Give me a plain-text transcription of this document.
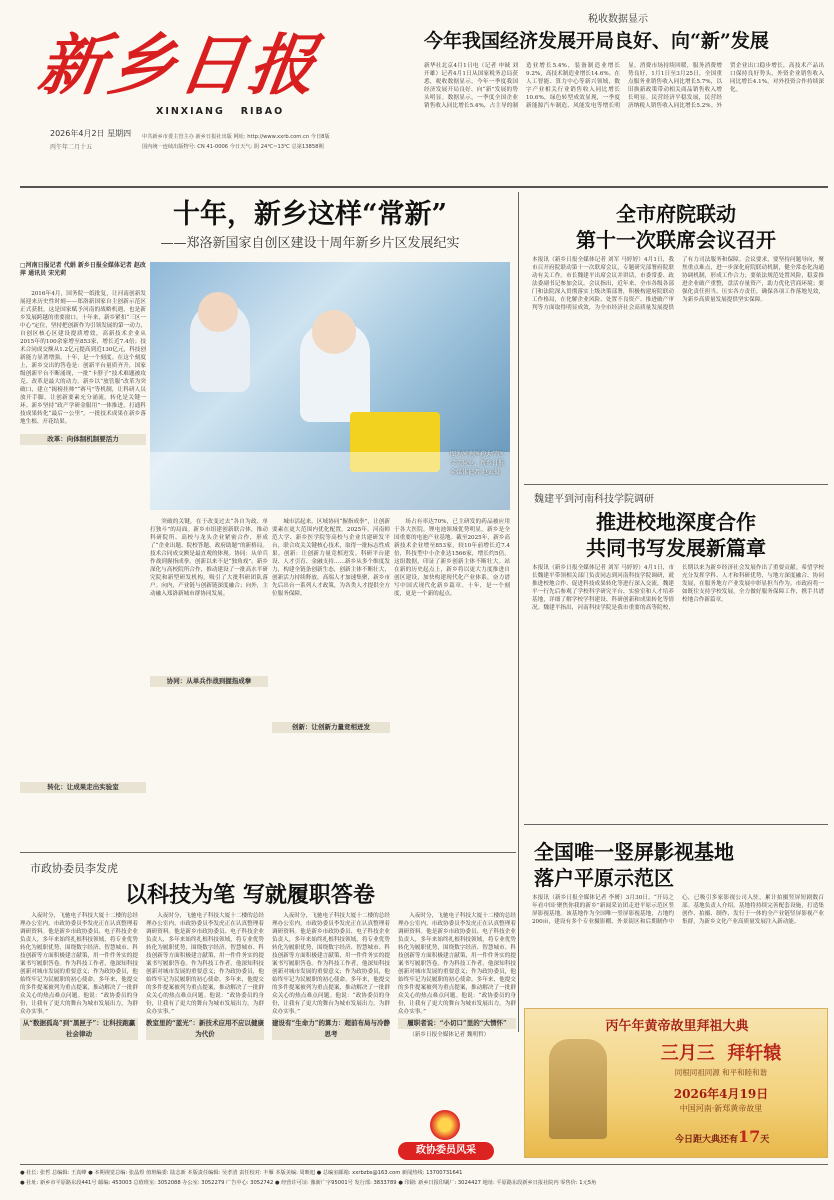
新乡日报
XINXIANG   RIBAO
2026年4月2日 星期四
丙午年二月十五
中共新乡市委主管主办 新乡日报社出版 网址: http://www.xxrb.com.cn 今日8版
国内统一连续出版物号: CN 41-0006 今日天气: 阴 24℃~13℃ 总第13858期
税收数据显示
今年我国经济发展开局良好、向“新”发展
新华社北京4月1日电（记者 申铖 刘开雄）记者4月1日从国家税务总局获悉，税收数据显示，今年一季度我国经济发展开局良好、向“新”发展的势头明显。数据显示，一季度全国企业销售收入同比增长5.4%，占主导的制造业增长5.4%，装备制造业增长9.2%，高技术制造业增长14.6%。在人工智能、算力中心等新兴领域，数字产业相关行业销售收入同比增长10.6%，绿色转型成效显现，一季度新能源汽车制造、风能发电等增长明显。消费市场持续回暖，服务消费增势良好，1月1日至3月25日，全国重点服务业销售收入同比增长5.7%，以旧换新政策带动相关商品销售收入增长明显。民营经济平稳发展，民营经济纳税人销售收入同比增长5.2%。外贸企业出口稳步增长，高技术产品出口保持良好势头，外资企业销售收入同比增长4.1%，对外投资合作持续深化。
十年，新乡这样“常新”
——郑洛新国家自创区建设十周年新乡片区发展纪实
□河南日报记者 代娟 新乡日报全媒体记者 赵改萍 通讯员 宋光莉

2016年4月，国务院一纸批复，让河南创新发展迎来历史性时刻——郑洛新国家自主创新示范区正式获批。这是国家赋予河南的战略机遇，也是新乡发展跨越的重要窗口。十年来，新乡紧扣“三区一中心”定位，坚持把创新作为引领发展的第一动力，自创区核心区建设提质增效，高新技术企业从2015年的100余家增至853家，增长近7.4倍；技术合同成交额从1.2亿元提高到近130亿元，科技创新能力显著增强。十年，是一个刻度。在这个刻度上，新乡交出的答卷是：创新平台量质齐升，国家级创新平台不断涌现，一批“卡脖子”技术难题被攻克。改革是最大的动力。新乡以“放管服”改革为突破口，建立“揭榜挂帅”“赛马”等机制，让科研人员放开手脚，让创新要素充分涌流。转化是关键一环。新乡坚持“政产学研金服用”一体推进，打通科技成果转化“最后一公里”，一批技术成果在新乡落地生根、开花结果。

改革：向体制机制要活力
转化：让成果走出实验室
图为河南医药大学医学实验室。新乡日报全媒体记者 赵云摄

突破的关键，在于改变过去“各自为政、单打独斗”的局面。新乡市组建创新联合体，推动科研院所、高校与龙头企业紧密合作，形成了“企业出题、院校答题、政府助题”的新格局。技术合同成交额是最直观的体现。协同：从单兵作战到握指成拳。创新以来不是“独角戏”。新乡深化与高校院所合作，推动建设了一批高水平研究院和新型研发机构，吸引了大批科研团队落户。向内，产业链与创新链深度融合；向外，主动融入郑洛新城市群协同发展。

协同：从单兵作战到握指成拳

城市活起来。区域协同“握指成拳”，让创新要素在更大范围内优化配置。2025年，河南师范大学、新乡医学院等高校与企业共建研发平台，联合攻关关键核心技术，取得一批标志性成果。创新：让创新力量竞相迸发。科研平台建设、人才引育、金融支持……新乡从多个维度发力，构建全链条创新生态，创新主体不断壮大，创新活力持续释放。高端人才加速集聚，新乡市先后出台一系列人才政策，为各类人才提供全方位服务保障。

创新：让创新力量竞相迸发

场占有率达70%，已主研发的药品被应用于各大医院。锂电池领域优势明显，新乡是全国重要的电池产业基地。截至2025年，新乡高新技术企业增至853家，较10年前增长近7.4倍，科技型中小企业达1566家，增长约5倍。这组数据，印证了新乡创新主体不断壮大。站在新的历史起点上，新乡将以更大力度推进自创区建设，加快构建现代化产业体系，奋力谱写中国式现代化新乡篇章。十年，是一个刻度，更是一个新的起点。

全市府院联动
第十一次联席会议召开
本报讯（新乡日报全媒体记者 刘军 马婷婷）4月1日，我市召开府院联动第十一次联席会议，专题研究部署府院联动有关工作。市长魏建平出席会议并讲话，市委常委、政法委副书记参加会议。会议指出，近年来，全市各级各部门和法院深入贯彻落实上级决策部署，积极构建府院联动工作格局，在化解企业风险、处置不良资产、推进破产审判等方面取得明显成效，为全市经济社会高质量发展提供了有力司法服务和保障。会议要求，要坚持问题导向，聚焦重点难点，进一步深化府院联动机制，健全常态化沟通协调机制，形成工作合力；要依法规范处置风险，稳妥推进企业破产重整，盘活存量资产，助力优化营商环境；要强化责任担当，压实各方责任，确保各项工作落地见效，为新乡高质量发展提供坚实保障。
魏建平到河南科技学院调研
推进校地深度合作
共同书写发展新篇章
本报讯（新乡日报全媒体记者 刘军 马婷婷）4月1日，市长魏建平带领相关部门负责同志到河南科技学院调研，就推进校地合作、促进科技成果转化等进行深入交流。魏建平一行先后参观了学校科学研究平台、实验室和人才培养基地，详细了解学校学科建设、科研创新和成果转化等情况。魏建平指出，河南科技学院是我市重要的高等院校，长期以来为新乡经济社会发展作出了重要贡献。希望学校充分发挥学科、人才和科研优势，与地方深度融合、协同发展，在服务地方产业发展中彰显担当作为。市政府将一如既往支持学校发展，全力做好服务保障工作，携手共谱校地合作新篇章。
全国唯一竖屏影视基地
落户平原示范区
本报讯（新乡日报全媒体记者 李赟）3月30日，“开局之年看中国·聚焦你我的新乡”新闻采访团走进平原示范区竖屏影视基地。该基地作为全国唯一竖屏影视基地，占地约200亩，建设有多个专业摄影棚、外景街区和后期制作中心，已吸引多家影视公司入驻，累计拍摄竖屏短剧数百部。基地负责人介绍，基地将持续完善配套设施，打造集创作、拍摄、制作、发行于一体的全产业链竖屏影视产业集群，为新乡文化产业高质量发展注入新动能。
市政协委员李发虎
以科技为笔 写就履职答卷

入夜时分，飞驰电子科技大厦十二楼的总经理办公室内，市政协委员李发虎正在认真整理着调研资料。他是新乡市政协委员、电子科技企业负责人，多年来始终扎根科技领域，将专业优势转化为履职优势，围绕数字经济、智慧城市、科技创新等方面积极建言献策，用一件件务实的提案书写履职答卷。作为科技工作者，他深知科技创新对城市发展的重要意义；作为政协委员，他始终牢记为民履职的初心使命。多年来，他提交的多件提案被列为重点提案，推动解决了一批群众关心的热点难点问题。他说：“政协委员的身份，让我有了更大的舞台为城市发展出力，为群众办实事。”

从“数据孤岛”到“黑匣子”：让科技跑赢社会律动

入夜时分，飞驰电子科技大厦十二楼的总经理办公室内，市政协委员李发虎正在认真整理着调研资料。他是新乡市政协委员、电子科技企业负责人，多年来始终扎根科技领域，将专业优势转化为履职优势，围绕数字经济、智慧城市、科技创新等方面积极建言献策，用一件件务实的提案书写履职答卷。作为科技工作者，他深知科技创新对城市发展的重要意义；作为政协委员，他始终牢记为民履职的初心使命。多年来，他提交的多件提案被列为重点提案，推动解决了一批群众关心的热点难点问题。他说：“政协委员的身份，让我有了更大的舞台为城市发展出力，为群众办实事。”

教室里的“蓝光”：新技术应用不应以健康为代价

入夜时分，飞驰电子科技大厦十二楼的总经理办公室内，市政协委员李发虎正在认真整理着调研资料。他是新乡市政协委员、电子科技企业负责人，多年来始终扎根科技领域，将专业优势转化为履职优势，围绕数字经济、智慧城市、科技创新等方面积极建言献策，用一件件务实的提案书写履职答卷。作为科技工作者，他深知科技创新对城市发展的重要意义；作为政协委员，他始终牢记为民履职的初心使命。多年来，他提交的多件提案被列为重点提案，推动解决了一批群众关心的热点难点问题。他说：“政协委员的身份，让我有了更大的舞台为城市发展出力，为群众办实事。”

建设有“生命力”的算力：超前布局与冷静思考

入夜时分，飞驰电子科技大厦十二楼的总经理办公室内，市政协委员李发虎正在认真整理着调研资料。他是新乡市政协委员、电子科技企业负责人，多年来始终扎根科技领域，将专业优势转化为履职优势，围绕数字经济、智慧城市、科技创新等方面积极建言献策，用一件件务实的提案书写履职答卷。作为科技工作者，他深知科技创新对城市发展的重要意义；作为政协委员，他始终牢记为民履职的初心使命。多年来，他提交的多件提案被列为重点提案，推动解决了一批群众关心的热点难点问题。他说：“政协委员的身份，让我有了更大的舞台为城市发展出力，为群众办实事。”

履职者说：“小切口”里的“大情怀”

（新乡日报全媒体记者 魏明哲）

政协委员风采
丙午年黄帝故里拜祖大典
三月三  拜轩辕
同根同祖同源 和平和睦和谐
2026年4月19日
中国河南·新郑黄帝故里
今日距大典还有17天
● 社长: 张哲 总编辑: 王真峰 ● 本期视觉总编: 张晶煜 值班编委: 陆志新 本版责任编辑: 吴孝清 责任校对: 丰雁 本版美编: 周映旭 ● 总编室邮箱: xxrbzbs@163.com 新闻热线: 13700731641
● 社址: 新乡市平原路东段441号 邮编: 453003 总值班室: 3052088 办公室: 3052279 广告中心: 3052742 ● 经营许可证: 豫新广字95001号 发行部: 3833789 ● 印刷: 新乡日报印刷厂: 3024427 地址: 平原路东段新乡日报社院内 零售价: 1元5角
